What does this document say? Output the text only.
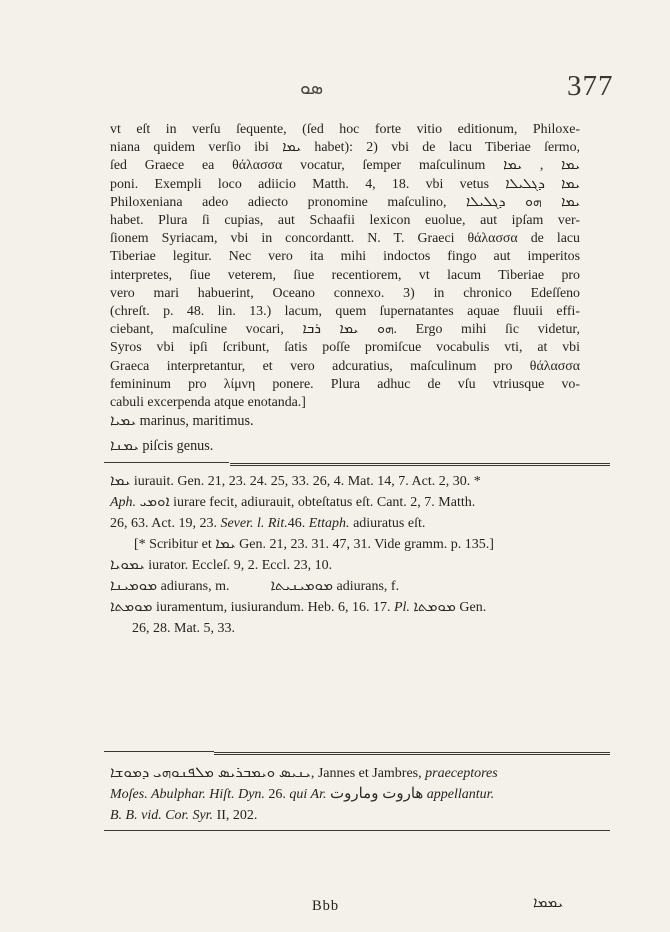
ܣܘ	377
vt eſt in verſu ſequente, (ſed hoc forte vitio editionum, Philoxe-
niana quidem verſio ibi ܝܡܐ habet): 2) vbi de lacu Tiberiae ſermo,
ſed Graece ea θάλασσα vocatur, ſemper maſculinum ܝܡܐ , ܝܡܐ
poni. Exempli loco adiicio Matth. 4, 18. vbi vetus ܝܡܐ ܕܓܠܝܠܐ
Philoxeniana adeo adiecto pronomine maſculino, ܝܡܐ ܗܘ ܕܓܠܝܠܐ
habet. Plura ſi cupias, aut Schaafii lexicon euolue, aut ipſam ver-
ſionem Syriacam, vbi in concordantt. N. T. Graeci θάλασσα de lacu
Tiberiae legitur. Nec vero ita mihi indoctos fingo aut imperitos
interpretes, ſiue veterem, ſiue recentiorem, vt lacum Tiberiae pro
vero mari habuerint, Oceano connexo. 3) in chronico Edeſſeno
(chreſt. p. 48. lin. 13.) lacum, quem ſupernatantes aquae fluuii effi-
ciebant, maſculine vocari, ܗܘ ܝܡܐ ܪܒܐ. Ergo mihi ſic videtur,
Syros vbi ipſi ſcribunt, ſatis poſſe promiſcue vocabulis vti, at vbi
Graeca interpretantur, et vero adcuratius, maſculinum pro θάλασσα
femininum pro λίμνη ponere. Plura adhuc de vſu vtriusque vo-
cabuli excerpenda atque enotanda.]
ܝܡܝܐ marinus, maritimus.
ܝܡܢܐ piſcis genus.
ܝܡܐ iurauit. Gen. 21, 23. 24. 25, 33. 26, 4. Mat. 14, 7. Act. 2, 30. *
Aph. ܐܘܡܝ iurare fecit, adiurauit, obteſtatus eſt. Cant. 2, 7. Matth.
26, 63. Act. 19, 23. Sever. l. Rit.46. Ettaph. adiuratus eſt.
[* Scribitur et ܝܡܐ Gen. 21, 23. 31. 47, 31. Vide gramm. p. 135.]
ܝܡܘܝܐ iurator. Eccleſ. 9, 2. Eccl. 23, 10.
ܡܘܡܝܢܐ adiurans, m.	ܡܘܡܝܢܝܬܐ adiurans, f.
ܡܘܡܬܐ iuramentum, iusiurandum. Heb. 6, 16. 17. Pl. ܡܘܡܬܐ Gen.
26, 28. Mat. 5, 33.
ܝܢܝܣ ܘܝܡܒܪܝܣ ܡܠܦܢܘܗܝ ܕܡܘܫܐ, Jannes et Jambres, praeceptores
Moſes. Abulphar. Hiſt. Dyn. 26. qui Ar. هاروت وماروت appellantur.
B. B. vid. Cor. Syr. II, 202.
Bbb	ܝܡܡܐ
